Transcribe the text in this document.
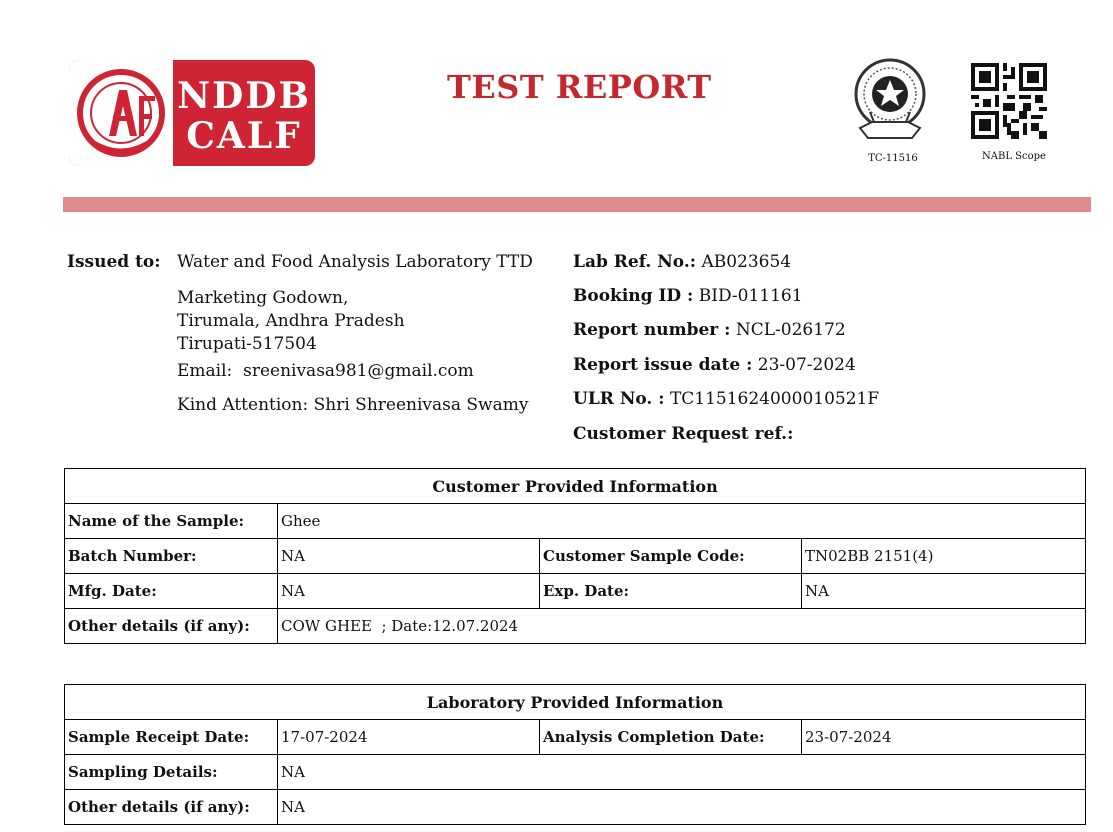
NDDB
CALF
TEST REPORT
TC-11516	NABL Scope
Issued to: Water and Food Analysis Laboratory TTD
Marketing Godown,
Tirumala, Andhra Pradesh
Tirupati-517504
Email: sreenivasa981@gmail.com
Kind Attention: Shri Shreenivasa Swamy
Lab Ref. No.: AB023654
Booking ID : BID-011161
Report number : NCL-026172
Report issue date : 23-07-2024
ULR No. : TC1151624000010521F
Customer Request ref.:
Customer Provided Information			
Name of the Sample:	Ghee		
Batch Number:	NA	Customer Sample Code:	TN02BB 2151(4)
Mfg. Date:	NA	Exp. Date:	NA
Other details (if any):	COW GHEE  ; Date:12.07.2024		
Laboratory Provided Information			
Sample Receipt Date:	17-07-2024	Analysis Completion Date:	23-07-2024
Sampling Details:	NA		
Other details (if any):	NA		
